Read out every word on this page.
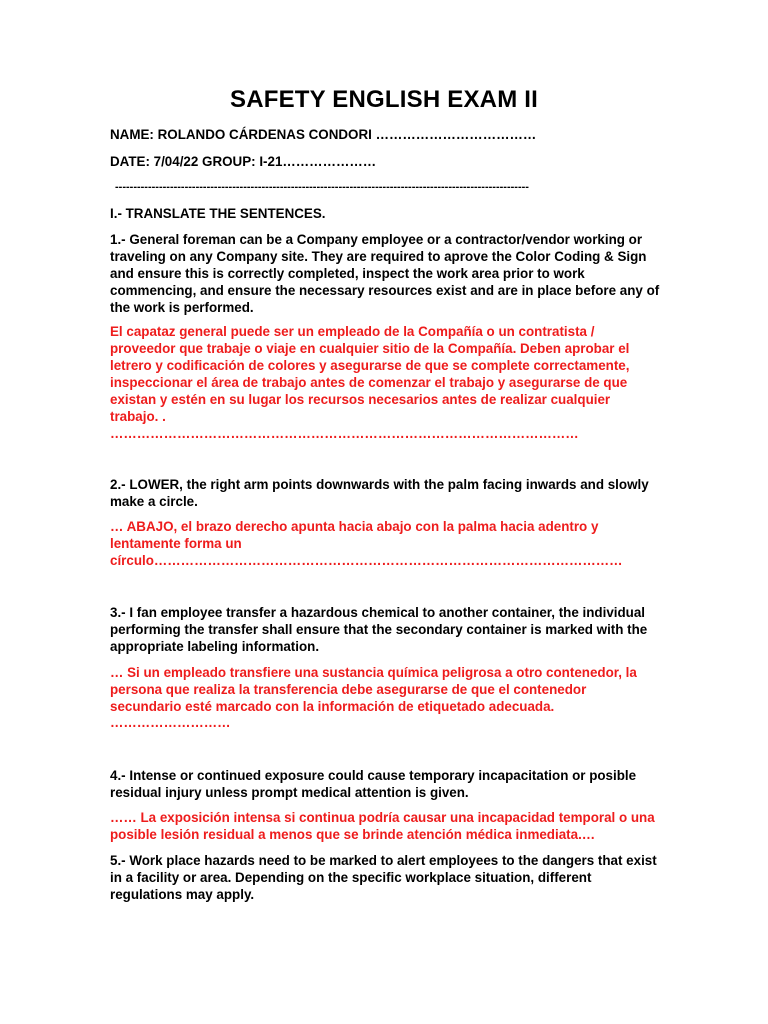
SAFETY ENGLISH EXAM II
NAME: ROLANDO CÁRDENAS CONDORI ………………………………
DATE: 7/04/22 GROUP: I-21…………………
-----------------------------------------------------------------------------------------------------------------
I.- TRANSLATE THE SENTENCES.
1.- General foreman can be a Company employee or a contractor/vendor working or traveling on any Company site. They are required to aprove the Color Coding & Sign and ensure this is correctly completed, inspect the work area prior to work commencing, and ensure the necessary resources exist and are in place before any of the work is performed.
El capataz general puede ser un empleado de la Compañía o un contratista / proveedor que trabaje o viaje en cualquier sitio de la Compañía. Deben aprobar el letrero y codificación de colores y asegurarse de que se complete correctamente, inspeccionar el área de trabajo antes de comenzar el trabajo y asegurarse de que existan y estén en su lugar los recursos necesarios antes de realizar cualquier trabajo. .
……………………………………………………………………………………………
2.- LOWER, the right arm points downwards with the palm facing inwards and slowly make a circle.
… ABAJO, el brazo derecho apunta hacia abajo con la palma hacia adentro y lentamente forma un
círculo……………………………………………………………………………………………
3.- I fan employee transfer a hazardous chemical to another container, the individual performing the transfer shall ensure that the secondary container is marked with the appropriate labeling information.
… Si un empleado transfiere una sustancia química peligrosa a otro contenedor, la persona que realiza la transferencia debe asegurarse de que el contenedor secundario esté marcado con la información de etiquetado adecuada.
………………………
4.- Intense or continued exposure could cause temporary incapacitation or posible residual injury unless prompt medical attention is given.
…… La exposición intensa si continua podría causar una incapacidad temporal o una posible lesión residual a menos que se brinde atención médica inmediata.…
5.- Work place hazards need to be marked to alert employees to the dangers that exist in a facility or area. Depending on the specific workplace situation, different regulations may apply.
